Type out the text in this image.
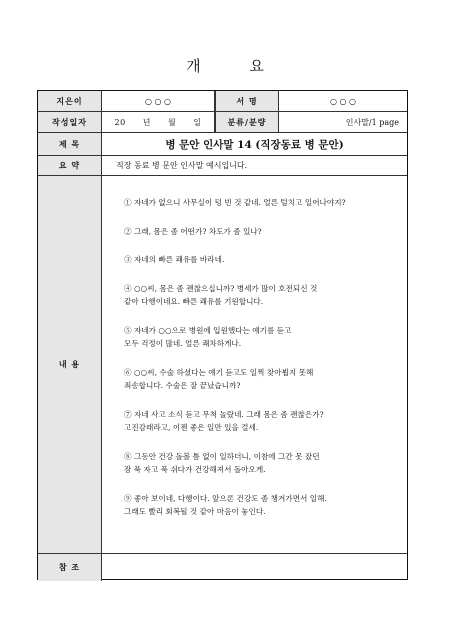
개 요
지은이	○ ○ ○	서 명	○ ○ ○
작성일자	20 년 월 일	분류/분량	인사말/1 page
제 목	병 문안 인사말 14 (직장동료 병 문안)
요 약	직장 동료 병 문안 인사말 예시입니다.
내 용
① 자네가 없으니 사무실이 텅 빈 것 같네. 얼른 털치고 일어나야지?
② 그래, 몸은 좀 어떤가? 차도가 좀 있나?
③ 자네의 빠른 쾌유를 바라네.
④ ○○씨, 몸은 좀 괜찮으십니까? 병세가 많이 호전되신 것
같아 다행이네요. 빠른 쾌유를 기원합니다.
⑤ 자네가 ○○으로 병원에 입원했다는 얘기를 듣고
모두 걱정이 많네. 얼른 쾌차하게나.
⑥ ○○씨, 수술 하셨다는 얘기 듣고도 일찍 찾아뵙지 못해
죄송합니다. 수술은 잘 끝났습니까?
⑦ 자네 사고 소식 듣고 무척 놀랐네. 그래 몸은 좀 괜찮은가?
고진감래라고, 이젠 좋은 일만 있을 걸세.
⑧ 그동안 건강 돌볼 틈 없이 일하더니, 이참에 그간 못 잤던
잠 푹 자고 푹 쉬다가 건강해져서 돌아오게.
⑨ 좋아 보이네, 다행이다. 앞으론 건강도 좀 챙겨가면서 일해.
그래도 빨리 회복될 것 같아 마음이 놓인다.
참 조
